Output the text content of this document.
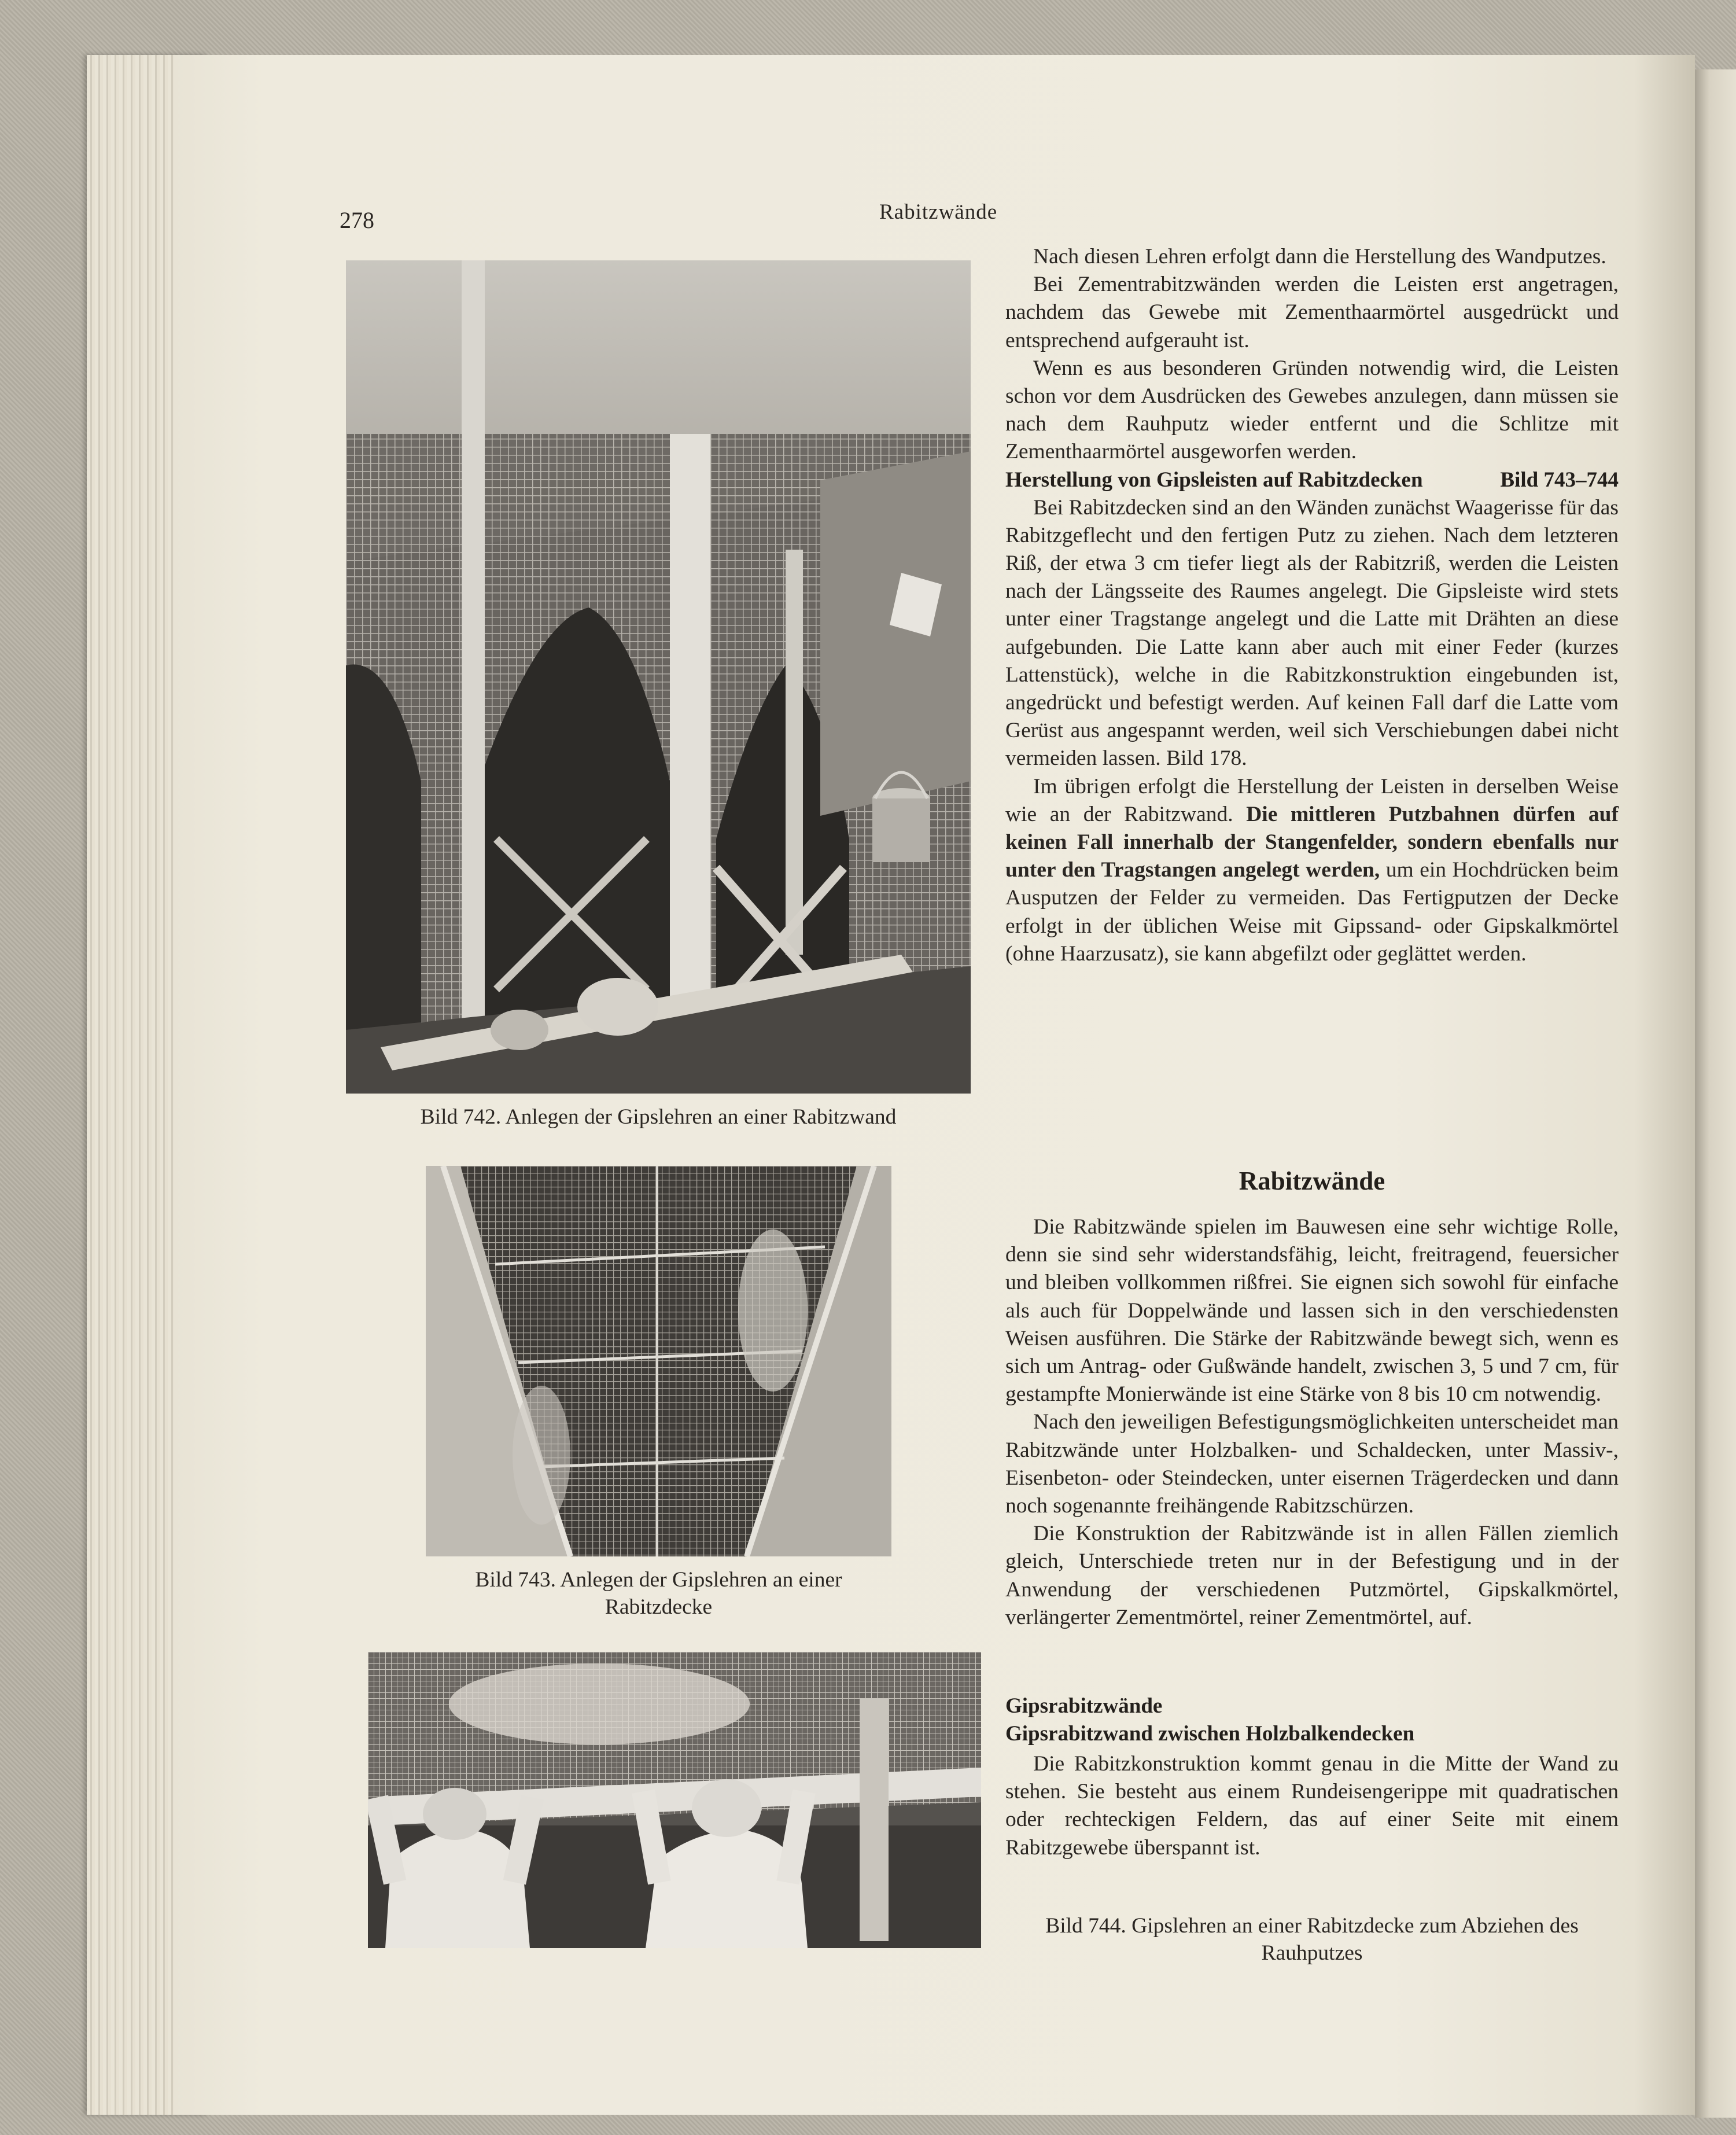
278	Rabitzwände
Bild 742. Anlegen der Gipslehren an einer Rabitzwand
Bild 743. Anlegen der Gipslehren an einer
Rabitzdecke

Nach diesen Lehren erfolgt dann die Herstellung des Wandputzes.

Bei Zementrabitzwänden werden die Leisten erst angetragen, nachdem das Gewebe mit Zementhaarmörtel ausgedrückt und entsprechend aufgerauht ist.

Wenn es aus besonderen Gründen notwendig wird, die Leisten schon vor dem Ausdrücken des Gewebes anzulegen, dann müssen sie nach dem Rauhputz wieder entfernt und die Schlitze mit Zementhaarmörtel ausgeworfen werden.

Herstellung von Gipsleisten auf Rabitzdecken	Bild 743–744

Bei Rabitzdecken sind an den Wänden zunächst Waagerisse für das Rabitzgeflecht und den fertigen Putz zu ziehen. Nach dem letzteren Riß, der etwa 3 cm tiefer liegt als der Rabitzriß, werden die Leisten nach der Längsseite des Raumes angelegt. Die Gipsleiste wird stets unter einer Tragstange angelegt und die Latte mit Drähten an diese aufgebunden. Die Latte kann aber auch mit einer Feder (kurzes Lattenstück), welche in die Rabitzkonstruktion eingebunden ist, angedrückt und befestigt werden. Auf keinen Fall darf die Latte vom Gerüst aus angespannt werden, weil sich Verschiebungen dabei nicht vermeiden lassen. Bild 178.

Im übrigen erfolgt die Herstellung der Leisten in derselben Weise wie an der Rabitzwand. Die mittleren Putzbahnen dürfen auf keinen Fall innerhalb der Stangenfelder, sondern ebenfalls nur unter den Tragstangen angelegt werden, um ein Hochdrücken beim Ausputzen der Felder zu vermeiden. Das Fertigputzen der Decke erfolgt in der üblichen Weise mit Gipssand- oder Gipskalkmörtel (ohne Haarzusatz), sie kann abgefilzt oder geglättet werden.

Rabitzwände

Die Rabitzwände spielen im Bauwesen eine sehr wichtige Rolle, denn sie sind sehr widerstandsfähig, leicht, freitragend, feuersicher und bleiben vollkommen rißfrei. Sie eignen sich sowohl für einfache als auch für Doppelwände und lassen sich in den verschiedensten Weisen ausführen. Die Stärke der Rabitzwände bewegt sich, wenn es sich um Antrag- oder Gußwände handelt, zwischen 3, 5 und 7 cm, für gestampfte Monierwände ist eine Stärke von 8 bis 10 cm notwendig.

Nach den jeweiligen Befestigungsmöglichkeiten unterscheidet man Rabitzwände unter Holzbalken- und Schaldecken, unter Massiv-, Eisenbeton- oder Steindecken, unter eisernen Trägerdecken und dann noch sogenannte freihängende Rabitzschürzen.

Die Konstruktion der Rabitzwände ist in allen Fällen ziemlich gleich, Unterschiede treten nur in der Befestigung und in der Anwendung der verschiedenen Putzmörtel, Gipskalkmörtel, verlängerter Zementmörtel, reiner Zementmörtel, auf.

Gipsrabitzwände
Gipsrabitzwand zwischen Holzbalkendecken

Die Rabitzkonstruktion kommt genau in die Mitte der Wand zu stehen. Sie besteht aus einem Rundeisengerippe mit quadratischen oder rechteckigen Feldern, das auf einer Seite mit einem Rabitzgewebe überspannt ist.

Bild 744. Gipslehren an einer Rabitzdecke zum Abziehen des
Rauhputzes
